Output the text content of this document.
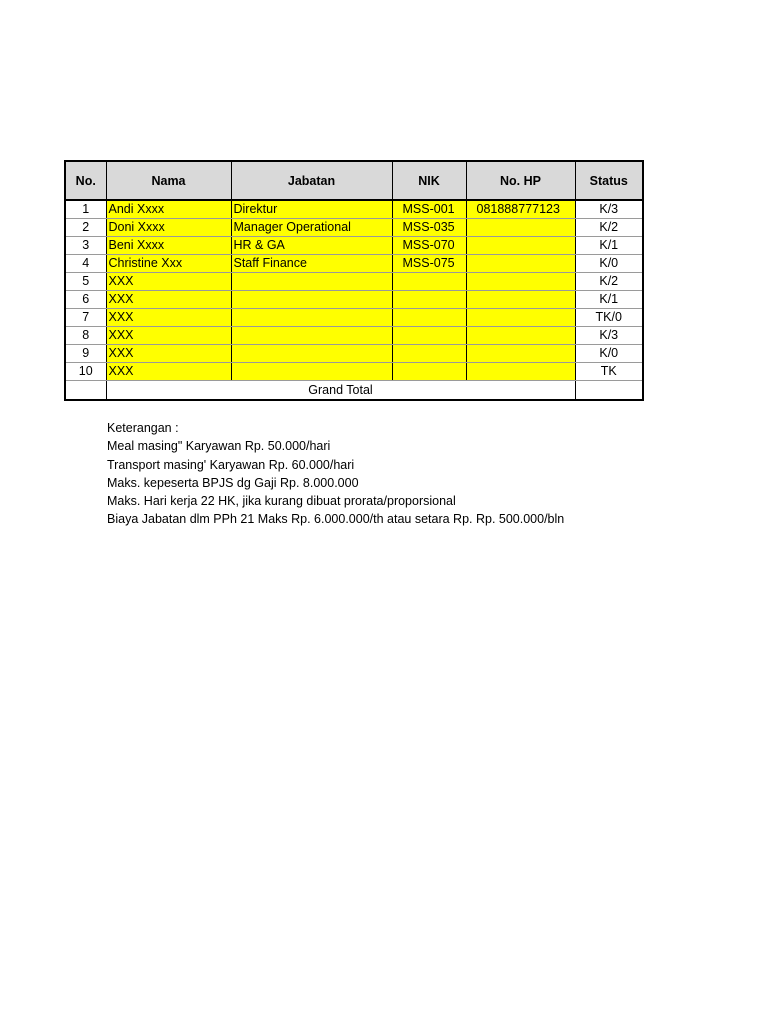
No.	Nama	Jabatan	NIK	No. HP	Status
1	Andi Xxxx	Direktur	MSS-001	081888777123	K/3
2	Doni Xxxx	Manager Operational	MSS-035		K/2
3	Beni Xxxx	HR & GA	MSS-070		K/1
4	Christine Xxx	Staff Finance	MSS-075		K/0
5	XXX				K/2
6	XXX				K/1
7	XXX				TK/0
8	XXX				K/3
9	XXX				K/0
10	XXX				TK
	Grand Total				
Keterangan :
Meal masing" Karyawan Rp. 50.000/hari
Transport masing' Karyawan Rp. 60.000/hari
Maks. kepeserta BPJS dg Gaji Rp. 8.000.000
Maks. Hari kerja 22 HK, jika kurang dibuat prorata/proporsional
Biaya Jabatan dlm PPh 21 Maks Rp. 6.000.000/th atau setara Rp. Rp. 500.000/bln
